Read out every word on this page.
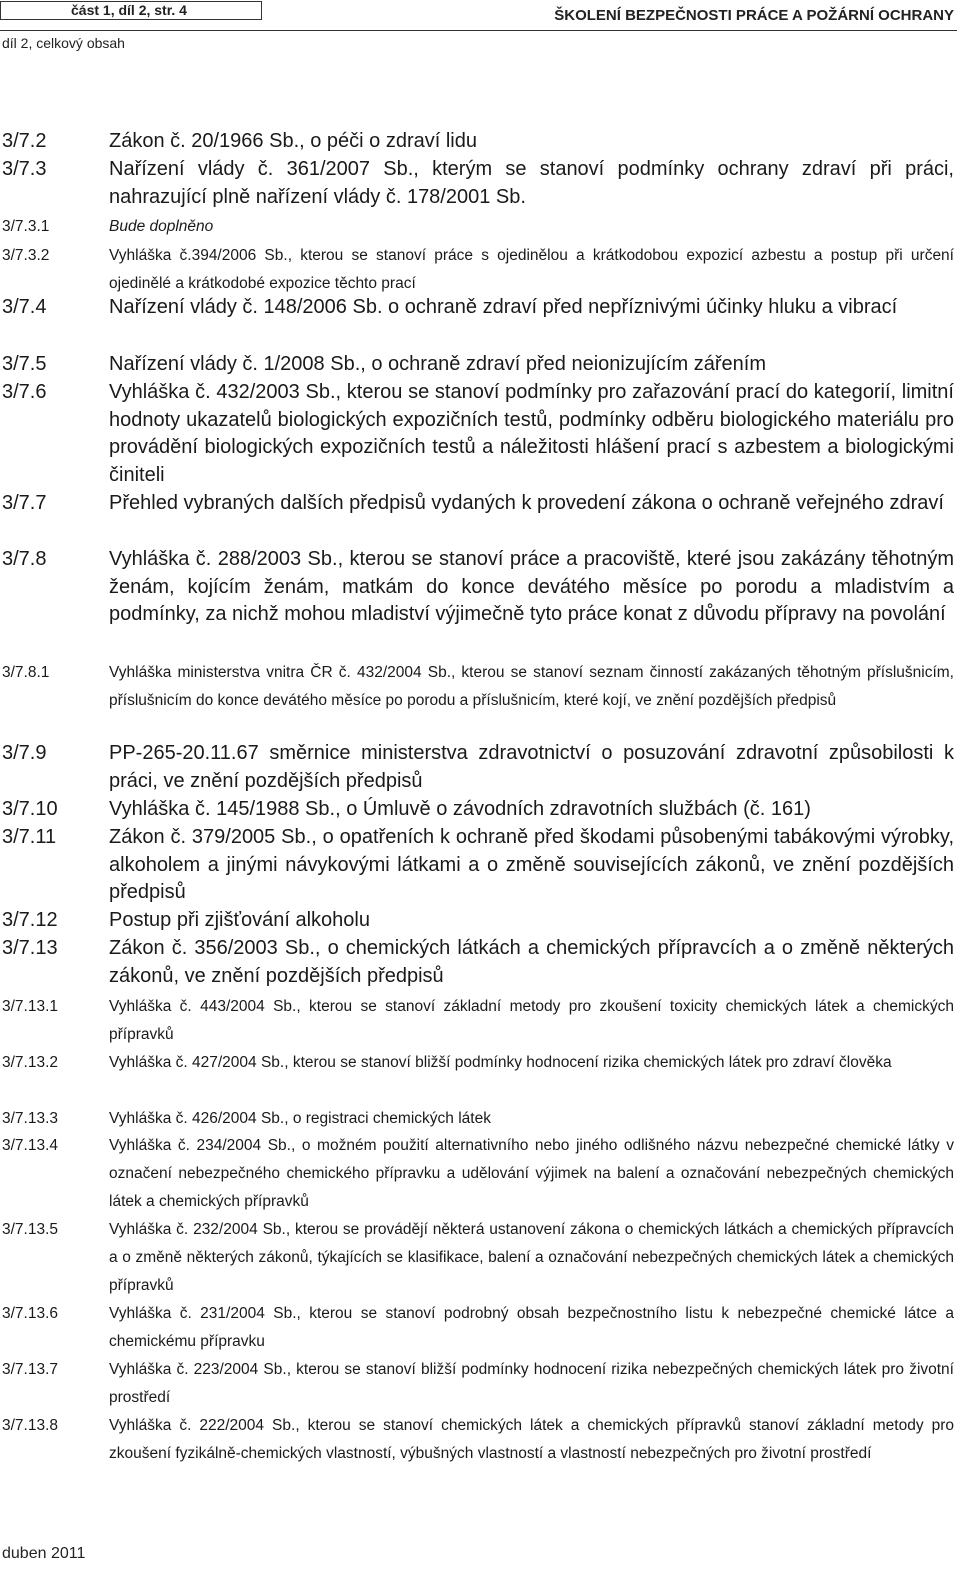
část 1, díl 2, str. 4	ŠKOLENÍ BEZPEČNOSTI PRÁCE A POŽÁRNÍ OCHRANY
díl 2, celkový obsah
3/7.2	Zákon č. 20/1966 Sb., o péči o zdraví lidu
3/7.3	Nařízení vlády č. 361/2007 Sb., kterým se stanoví podmínky ochrany zdraví při práci, nahrazující plně nařízení vlády č. 178/2001 Sb.
3/7.3.1	Bude doplněno
3/7.3.2	Vyhláška č.394/2006 Sb., kterou se stanoví práce s ojedinělou a krátkodobou expozicí azbestu a postup při určení ojedinělé a krátkodobé expozice těchto prací
3/7.4	Nařízení vlády č. 148/2006 Sb. o ochraně zdraví před nepříznivými účinky hluku a vibrací
3/7.5	Nařízení vlády č. 1/2008 Sb., o ochraně zdraví před neionizujícím zářením
3/7.6	Vyhláška č. 432/2003 Sb., kterou se stanoví podmínky pro zařazování prací do kategorií, limitní hodnoty ukazatelů biologických expozičních testů, podmínky odběru biologického materiálu pro provádění biologických expozičních testů a náležitosti hlášení prací s azbestem a biologickými činiteli
3/7.7	Přehled vybraných dalších předpisů vydaných k provedení zákona o ochraně veřejného zdraví
3/7.8	Vyhláška č. 288/2003 Sb., kterou se stanoví práce a pracoviště, které jsou zakázány těhotným ženám, kojícím ženám, matkám do konce devátého měsíce po porodu a mladistvím a podmínky, za nichž mohou mladiství výjimečně tyto práce konat z důvodu přípravy na povolání
3/7.8.1	Vyhláška ministerstva vnitra ČR č. 432/2004 Sb., kterou se stanoví seznam činností zakázaných těhotným příslušnicím, příslušnicím do konce devátého měsíce po porodu a příslušnicím, které kojí, ve znění pozdějších předpisů
3/7.9	PP-265-20.11.67 směrnice ministerstva zdravotnictví o posuzování zdravotní způsobilosti k práci, ve znění pozdějších předpisů
3/7.10	Vyhláška č. 145/1988 Sb., o Úmluvě o závodních zdravotních službách (č. 161)
3/7.11	Zákon č. 379/2005 Sb., o opatřeních k ochraně před škodami působenými tabákovými výrobky, alkoholem a jinými návykovými látkami a o změně souvisejících zákonů, ve znění pozdějších předpisů
3/7.12	Postup při zjišťování alkoholu
3/7.13	Zákon č. 356/2003 Sb., o chemických látkách a chemických přípravcích a o změně některých zákonů, ve znění pozdějších předpisů
3/7.13.1	Vyhláška č. 443/2004 Sb., kterou se stanoví základní metody pro zkoušení toxicity chemických látek a chemických přípravků
3/7.13.2	Vyhláška č. 427/2004 Sb., kterou se stanoví bližší podmínky hodnocení rizika chemických látek pro zdraví člověka
3/7.13.3	Vyhláška č. 426/2004 Sb., o registraci chemických látek
3/7.13.4	Vyhláška č. 234/2004 Sb., o možném použití alternativního nebo jiného odlišného názvu nebezpečné chemické látky v označení nebezpečného chemického přípravku a udělování výjimek na balení a označování nebezpečných chemických látek a chemických přípravků
3/7.13.5	Vyhláška č. 232/2004 Sb., kterou se provádějí některá ustanovení zákona o chemických látkách a chemických přípravcích a o změně některých zákonů, týkajících se klasifikace, balení a označování nebezpečných chemických látek a chemických přípravků
3/7.13.6	Vyhláška č. 231/2004 Sb., kterou se stanoví podrobný obsah bezpečnostního listu k nebezpečné chemické látce a chemickému přípravku
3/7.13.7	Vyhláška č. 223/2004 Sb., kterou se stanoví bližší podmínky hodnocení rizika nebezpečných chemických látek pro životní prostředí
3/7.13.8	Vyhláška č. 222/2004 Sb., kterou se stanoví chemických látek a chemických přípravků stanoví základní metody pro zkoušení fyzikálně-chemických vlastností, výbušných vlastností a vlastností nebezpečných pro životní prostředí
duben 2011
